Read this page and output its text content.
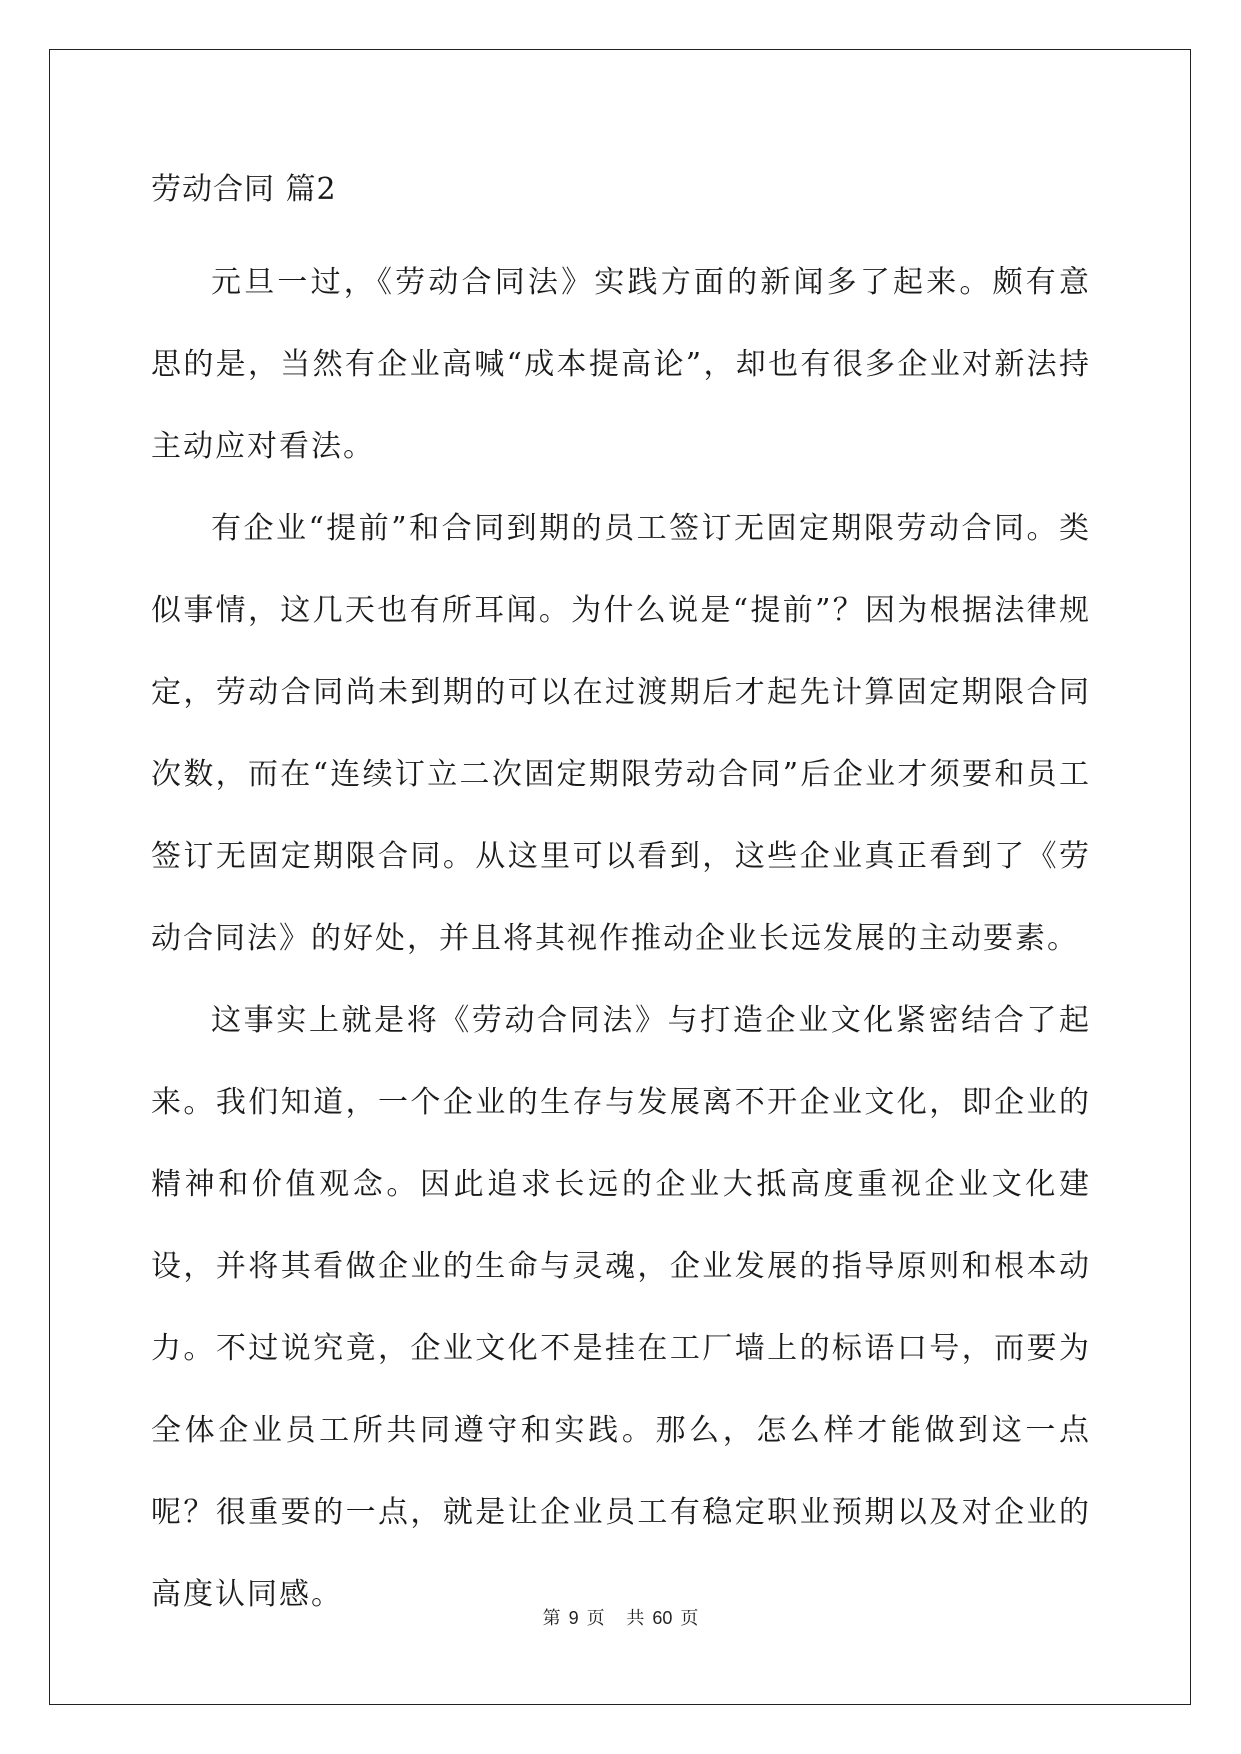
劳动合同 篇2

元旦一过，《劳动合同法》实践方面的新闻多了起来。颇有意思的是，当然有企业高喊“成本提高论”，却也有很多企业对新法持主动应对看法。

有企业“提前”和合同到期的员工签订无固定期限劳动合同。类似事情，这几天也有所耳闻。为什么说是“提前”？因为根据法律规定，劳动合同尚未到期的可以在过渡期后才起先计算固定期限合同次数，而在“连续订立二次固定期限劳动合同”后企业才须要和员工签订无固定期限合同。从这里可以看到，这些企业真正看到了《劳动合同法》的好处，并且将其视作推动企业长远发展的主动要素。

这事实上就是将《劳动合同法》与打造企业文化紧密结合了起来。我们知道，一个企业的生存与发展离不开企业文化，即企业的精神和价值观念。因此追求长远的企业大抵高度重视企业文化建设，并将其看做企业的生命与灵魂，企业发展的指导原则和根本动力。不过说究竟，企业文化不是挂在工厂墙上的标语口号，而要为全体企业员工所共同遵守和实践。那么，怎么样才能做到这一点呢？很重要的一点，就是让企业员工有稳定职业预期以及对企业的高度认同感。

第 9 页 共 60 页
